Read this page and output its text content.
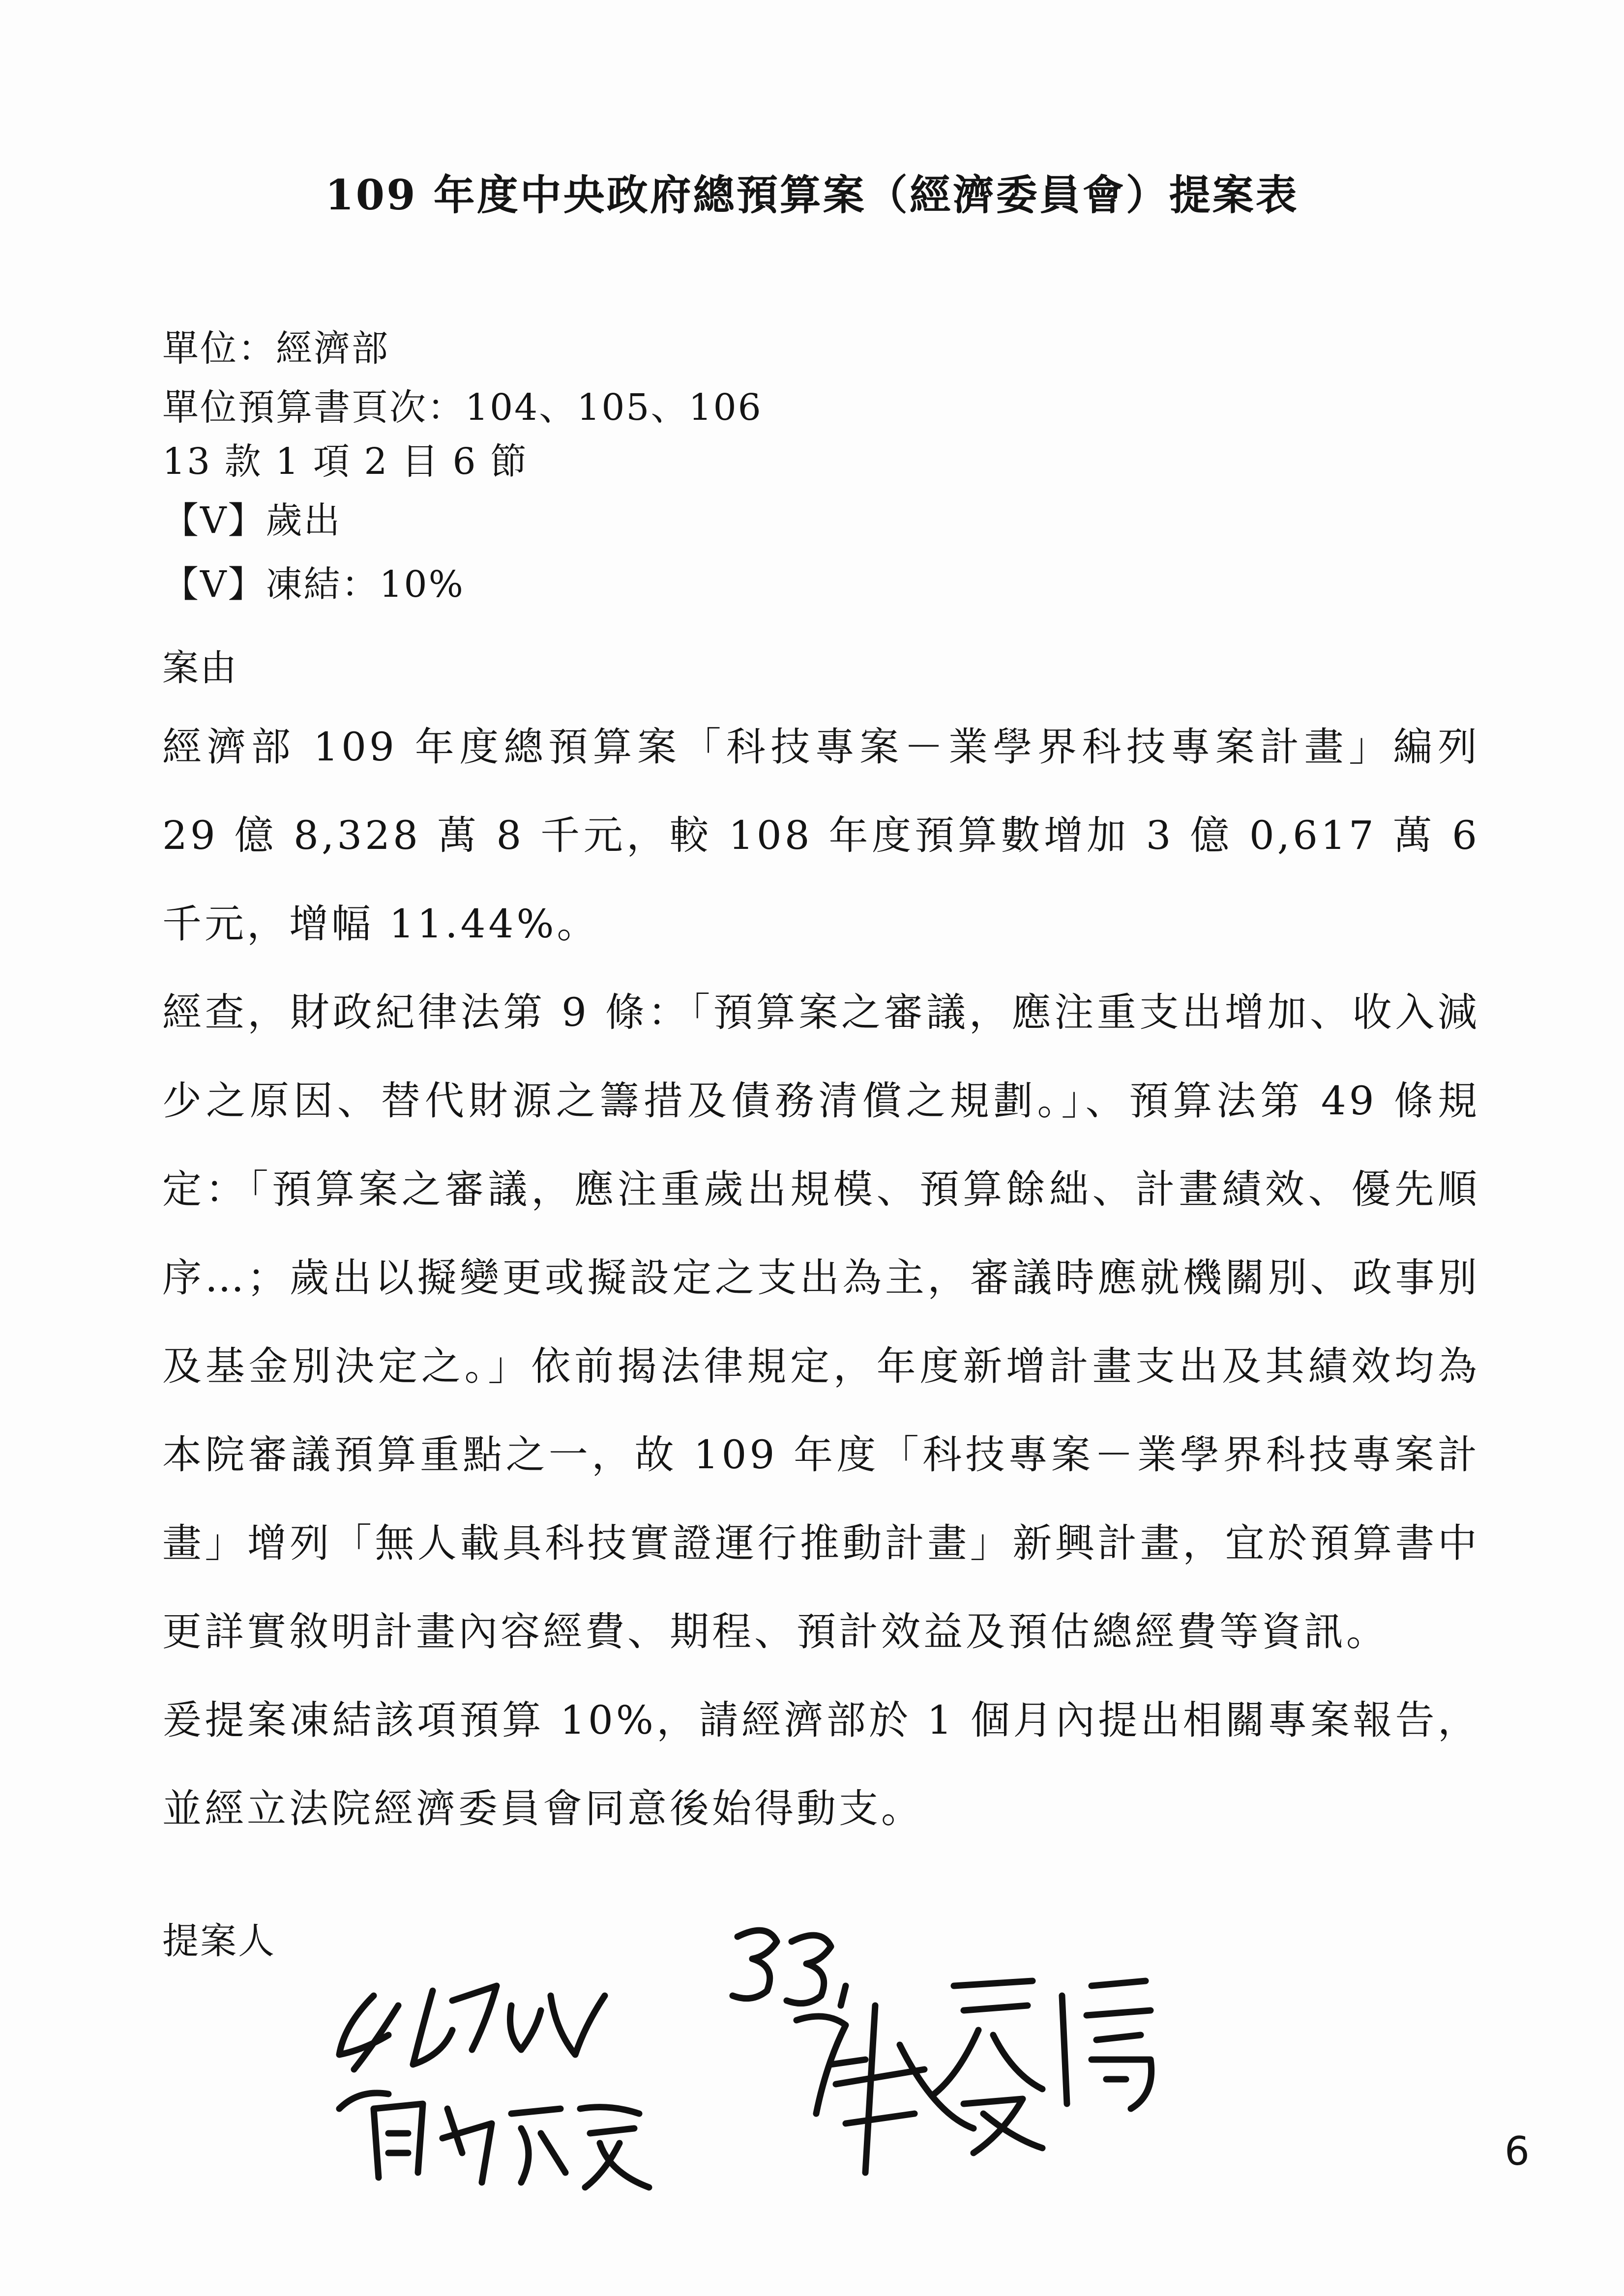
109 年度中央政府總預算案（經濟委員會）提案表
單位：經濟部
單位預算書頁次：104、105、106
13 款 1 項 2 目 6 節
【V】歲出
【V】凍結：10%
案由

經濟部 109 年度總預算案「科技專案－業學界科技專案計畫」編列 29 億 8,328 萬 8 千元，較 108 年度預算數增加 3 億 0,617 萬 6 千元，增幅 11.44%。

經查，財政紀律法第 9 條：「預算案之審議，應注重支出增加、收入減少之原因、替代財源之籌措及債務清償之規劃。」、預算法第 49 條規定：「預算案之審議，應注重歲出規模、預算餘絀、計畫績效、優先順序…；歲出以擬變更或擬設定之支出為主，審議時應就機關別、政事別及基金別決定之。」依前揭法律規定，年度新增計畫支出及其績效均為本院審議預算重點之一，故 109 年度「科技專案－業學界科技專案計畫」增列「無人載具科技實證運行推動計畫」新興計畫，宜於預算書中更詳實敘明計畫內容經費、期程、預計效益及預估總經費等資訊。

爰提案凍結該項預算 10%，請經濟部於 1 個月內提出相關專案報告，並經立法院經濟委員會同意後始得動支。

提案人
6
